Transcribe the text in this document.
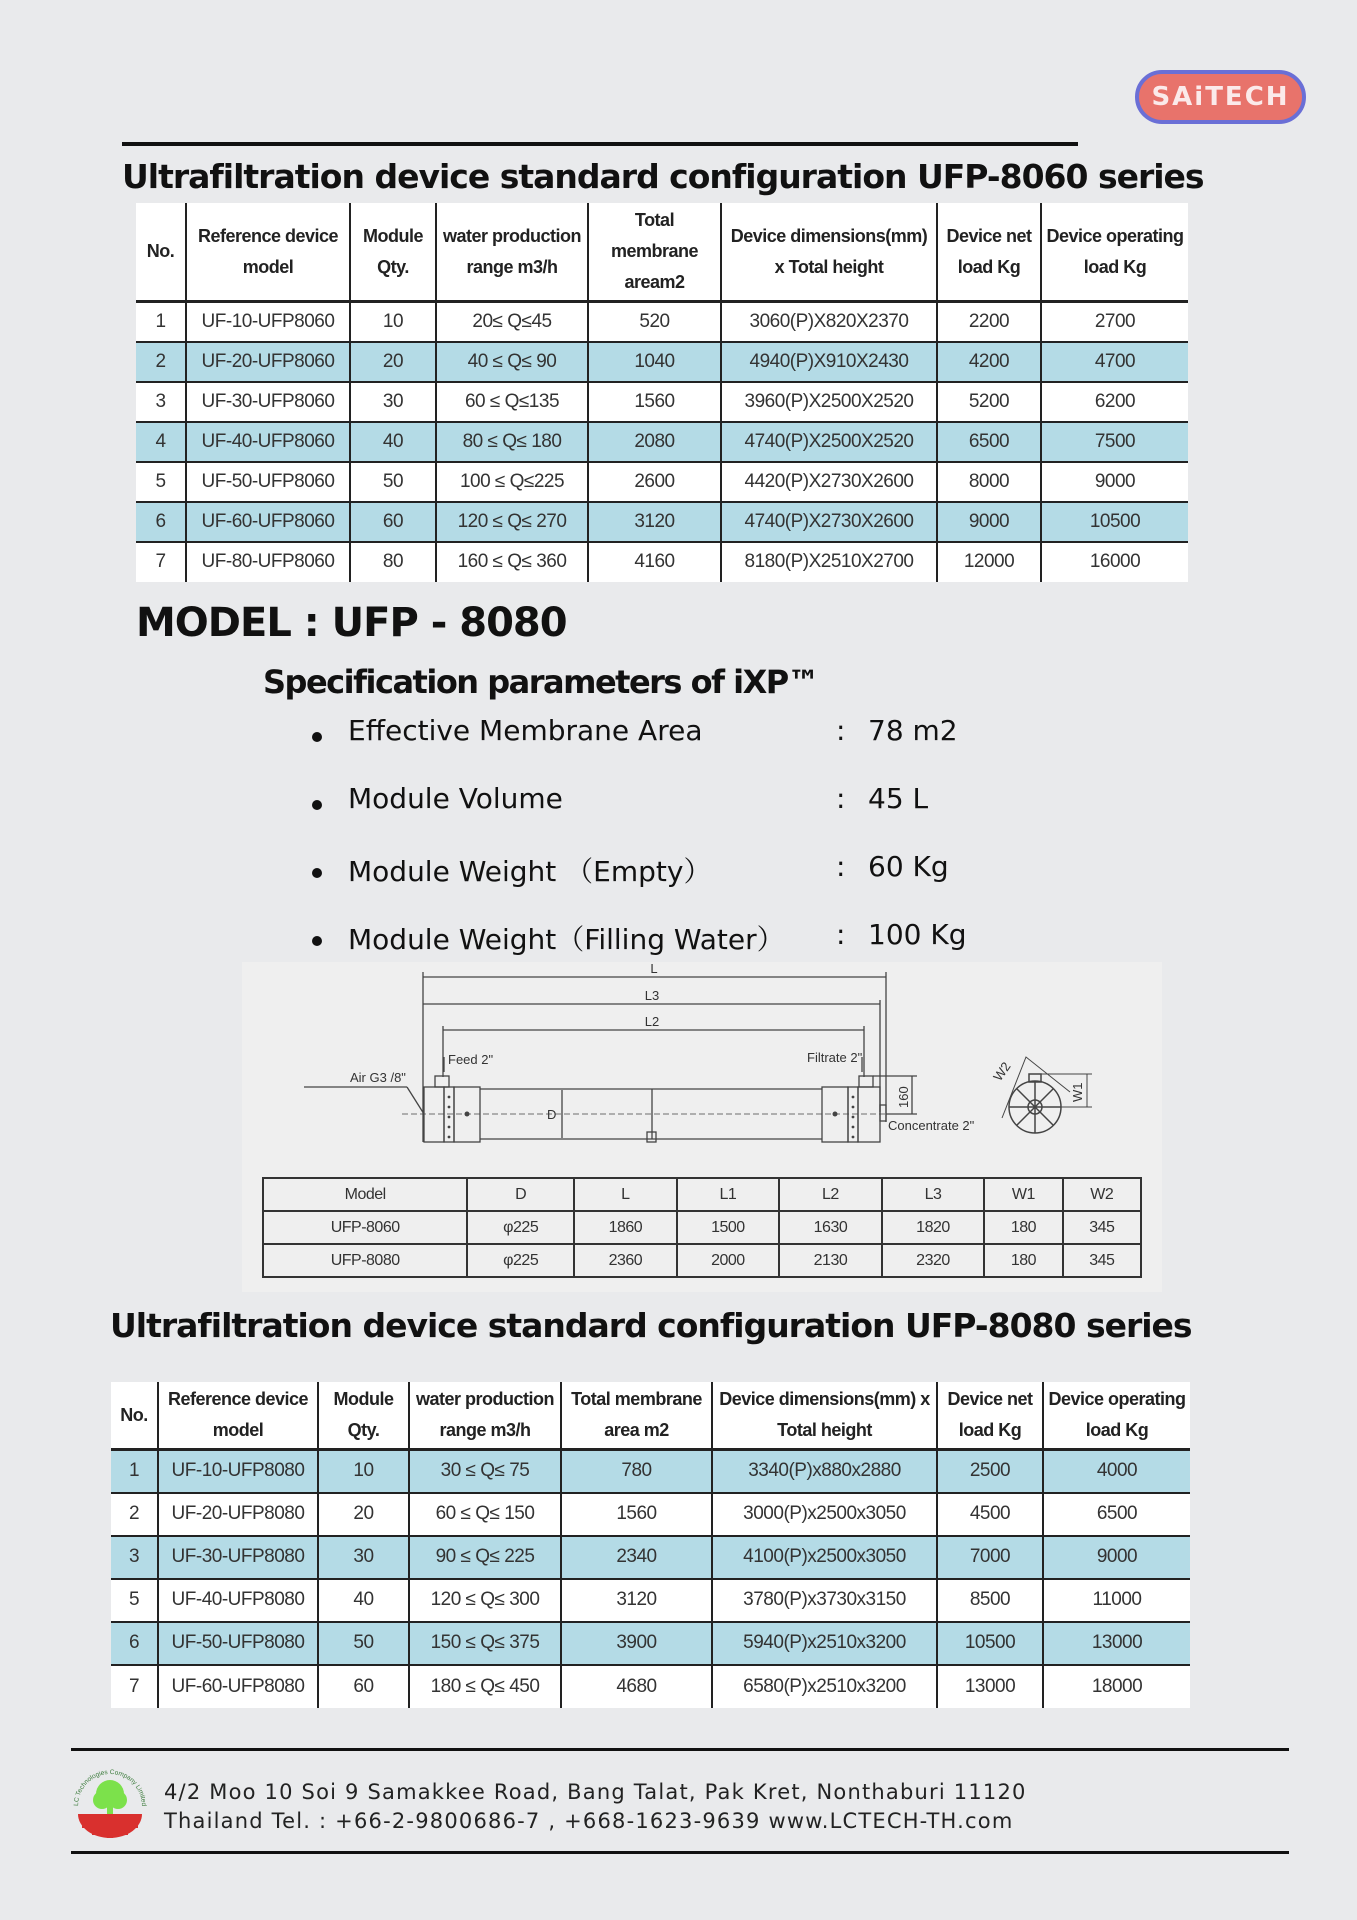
SAiTECH
Ultrafiltration device standard configuration UFP-8060 series
No.	Reference device model	Module Qty.	water production range m3/h	Total membrane aream2	Device dimensions(mm) x Total height	Device net load Kg	Device operating load Kg
1	UF-10-UFP8060	10	20≤ Q≤45	520	3060(P)X820X2370	2200	2700
2	UF-20-UFP8060	20	40 ≤ Q≤ 90	1040	4940(P)X910X2430	4200	4700
3	UF-30-UFP8060	30	60 ≤ Q≤135	1560	3960(P)X2500X2520	5200	6200
4	UF-40-UFP8060	40	80 ≤ Q≤ 180	2080	4740(P)X2500X2520	6500	7500
5	UF-50-UFP8060	50	100 ≤ Q≤225	2600	4420(P)X2730X2600	8000	9000
6	UF-60-UFP8060	60	120 ≤ Q≤ 270	3120	4740(P)X2730X2600	9000	10500
7	UF-80-UFP8060	80	160 ≤ Q≤ 360	4160	8180(P)X2510X2700	12000	16000
MODEL : UFP - 8080
Specification parameters of iXP™
Effective Membrane Area	: 78 m2
Module Volume	: 45 L
Module Weight （Empty）	: 60 Kg
Module Weight（Filling Water） : 100 Kg
L
L3
L2
Feed 2"	Filtrate 2"
Air G3 /8"
D
160
Concentrate 2"
W2
W1
Model	D	L	L1	L2	L3	W1	W2
UFP-8060	φ225	1860	1500	1630	1820	180	345
UFP-8080	φ225	2360	2000	2130	2320	180	345
Ultrafiltration device standard configuration UFP-8080 series
No.	Reference device model	Module Qty.	water production range m3/h	Total membrane area m2	Device dimensions(mm) x Total height	Device net load Kg	Device operating load Kg
1	UF-10-UFP8080	10	30 ≤ Q≤ 75	780	3340(P)x880x2880	2500	4000
2	UF-20-UFP8080	20	60 ≤ Q≤ 150	1560	3000(P)x2500x3050	4500	6500
3	UF-30-UFP8080	30	90 ≤ Q≤ 225	2340	4100(P)x2500x3050	7000	9000
5	UF-40-UFP8080	40	120 ≤ Q≤ 300	3120	3780(P)x3730x3150	8500	11000
6	UF-50-UFP8080	50	150 ≤ Q≤ 375	3900	5940(P)x2510x3200	10500	13000
7	UF-60-UFP8080	60	180 ≤ Q≤ 450	4680	6580(P)x2510x3200	13000	18000
LC Technologies Company Limited
4/2 Moo 10 Soi 9 Samakkee Road, Bang Talat, Pak Kret, Nonthaburi 11120
Thailand Tel. : +66-2-9800686-7 , +668-1623-9639 www.LCTECH-TH.com
